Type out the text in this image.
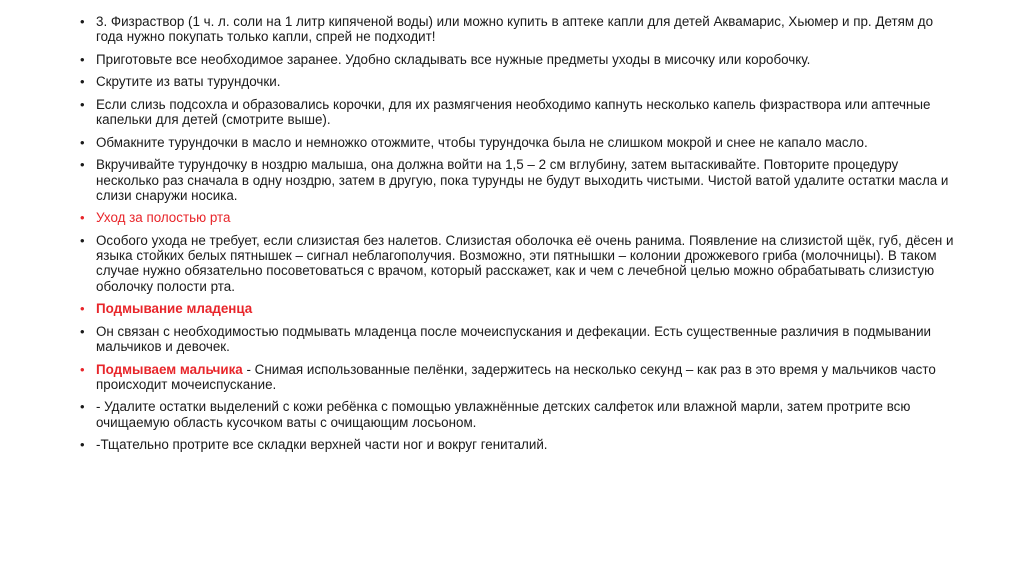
• 3. Физраствор (1 ч. л. соли на 1 литр кипяченой воды) или можно купить в аптеке капли для детей Аквамарис, Хьюмер и пр. Детям до года нужно покупать только капли, спрей не подходит!
• Приготовьте все необходимое заранее. Удобно складывать все нужные предметы уходы в мисочку или коробочку.
• Скрутите из ваты турундочки.
• Если слизь подсохла и образовались корочки, для их размягчения необходимо капнуть несколько капель физраствора или аптечные капельки для детей (смотрите выше).
• Обмакните турундочки в масло и немножко отожмите, чтобы турундочка была не слишком мокрой и снее не капало масло.
• Вкручивайте турундочку в ноздрю малыша, она должна войти на 1,5 – 2 см вглубину, затем вытаскивайте. Повторите процедуру несколько раз сначала в одну ноздрю, затем в другую, пока турунды не будут выходить чистыми. Чистой ватой удалите остатки масла и слизи снаружи носика.
• Уход за полостью рта
• Особого ухода не требует, если слизистая без налетов. Слизистая оболочка её очень ранима. Появление на слизистой щёк, губ, дёсен и языка стойких белых пятнышек – сигнал неблагополучия. Возможно, эти пятнышки – колонии дрожжевого гриба (молочницы). В таком случае нужно обязательно посоветоваться с врачом, который расскажет, как и чем с лечебной целью можно обрабатывать слизистую оболочку полости рта.
• Подмывание младенца
• Он связан с необходимостью подмывать младенца после мочеиспускания и дефекации. Есть существенные различия в подмывании мальчиков и девочек.
• Подмываем мальчика - Снимая использованные пелёнки, задержитесь на несколько секунд – как раз в это время у мальчиков часто происходит мочеиспускание.
• - Удалите остатки выделений с кожи ребёнка с помощью увлажнённые детских салфеток или влажной марли, затем протрите всю очищаемую область кусочком ваты с очищающим лосьоном.
• -Тщательно протрите все складки верхней части ног и вокруг гениталий.
